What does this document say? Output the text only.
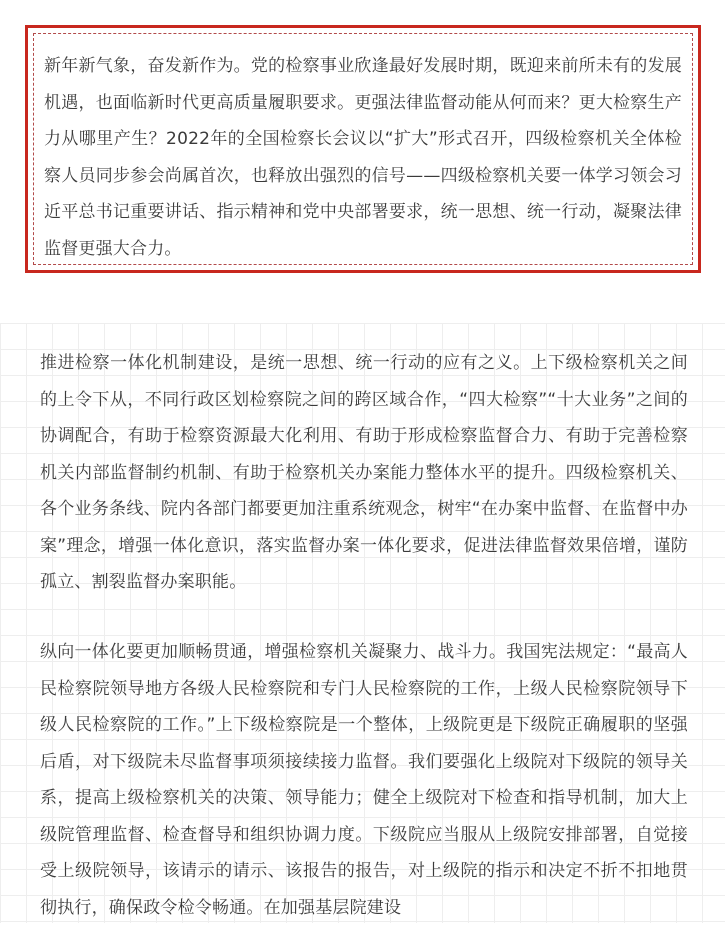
新年新气象，奋发新作为。党的检察事业欣逢最好发展时期，既迎来前所未有的发展机遇，也面临新时代更高质量履职要求。更强法律监督动能从何而来？更大检察生产力从哪里产生？2022年的全国检察长会议以“扩大”形式召开，四级检察机关全体检察人员同步参会尚属首次，也释放出强烈的信号——四级检察机关要一体学习领会习近平总书记重要讲话、指示精神和党中央部署要求，统一思想、统一行动，凝聚法律监督更强大合力。

推进检察一体化机制建设，是统一思想、统一行动的应有之义。上下级检察机关之间的上令下从，不同行政区划检察院之间的跨区域合作，“四大检察”“十大业务”之间的协调配合，有助于检察资源最大化利用、有助于形成检察监督合力、有助于完善检察机关内部监督制约机制、有助于检察机关办案能力整体水平的提升。四级检察机关、各个业务条线、院内各部门都要更加注重系统观念，树牢“在办案中监督、在监督中办案”理念，增强一体化意识，落实监督办案一体化要求，促进法律监督效果倍增，谨防孤立、割裂监督办案职能。

纵向一体化要更加顺畅贯通，增强检察机关凝聚力、战斗力。我国宪法规定：“最高人民检察院领导地方各级人民检察院和专门人民检察院的工作，上级人民检察院领导下级人民检察院的工作。”上下级检察院是一个整体，上级院更是下级院正确履职的坚强后盾，对下级院未尽监督事项须接续接力监督。我们要强化上级院对下级院的领导关系，提高上级检察机关的决策、领导能力；健全上级院对下检查和指导机制，加大上级院管理监督、检查督导和组织协调力度。下级院应当服从上级院安排部署，自觉接受上级院领导，该请示的请示、该报告的报告，对上级院的指示和决定不折不扣地贯彻执行，确保政令检令畅通。在加强基层院建设
